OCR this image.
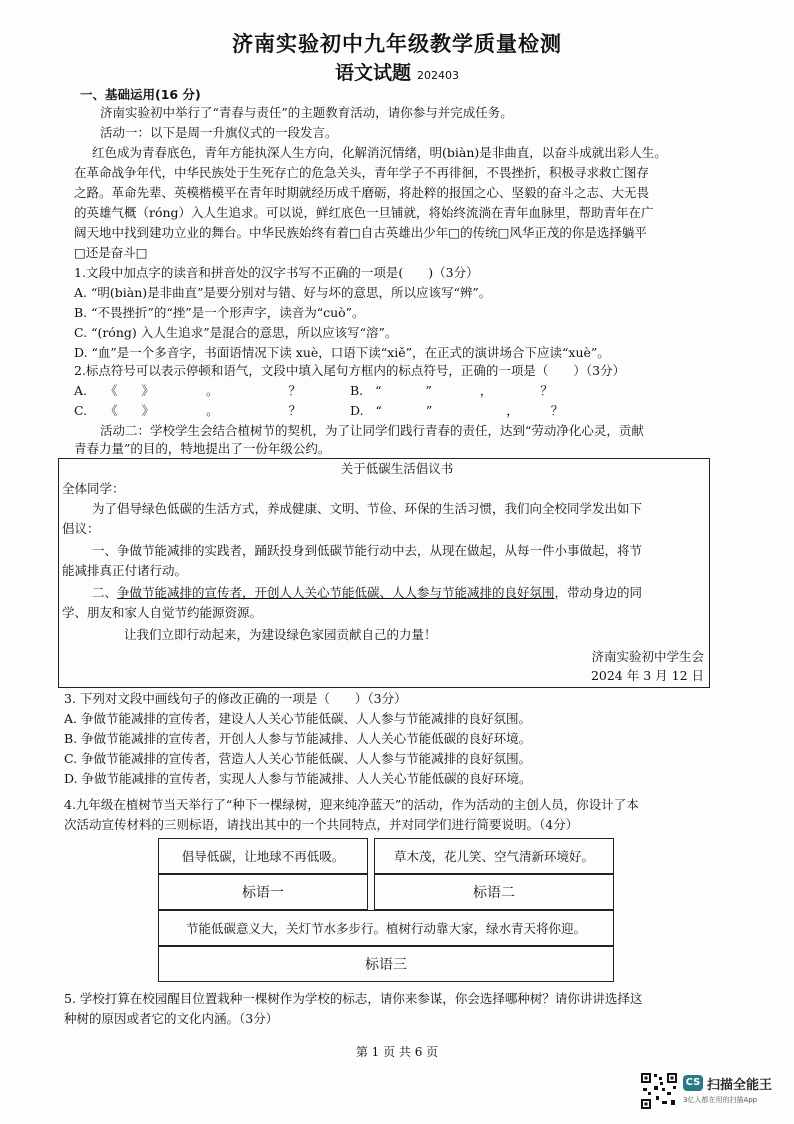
济南实验初中九年级教学质量检测
语文试题 202403
一、基础运用(16 分)
济南实验初中举行了“青春与责任”的主题教育活动，请你参与并完成任务。
活动一：以下是周一升旗仪式的一段发言。
红色成为青春底色，青年方能执深人生方向，化解消沉情绪，明(biàn)是非曲直，以奋斗成就出彩人生。
在革命战争年代，中华民族处于生死存亡的危急关头，青年学子不再徘徊，不畏挫折，积极寻求救亡图存
之路。革命先辈、英模楷模平在青年时期就经历成千磨砺，将赴粹的报国之心、坚毅的奋斗之志、大无畏
的英雄气概（róng）入人生追求。可以说，鲜红底色一旦铺就，将始终流淌在青年血脉里，帮助青年在广
阔天地中找到建功立业的舞台。中华民族始终有着□自古英雄出少年□的传统□风华正茂的你是选择躺平
□还是奋斗□
1.文段中加点字的读音和拼音处的汉字书写不正确的一项是(　　)（3分）
A. “明(biàn)是非曲直”是要分别对与错、好与坏的意思，所以应该写“辨”。
B. “不畏挫折”的“挫”是一个形声字，读音为“cuò”。
C. “(róng) 入人生追求”是混合的意思，所以应该写“溶”。
D. “血”是一个多音字，书面语情况下读 xuè，口语下读“xiě”，在正式的演讲场合下应读“xuè”。
2.标点符号可以表示停顿和语气，文段中填入尾句方框内的标点符号，正确的一项是（　　）（3分）
A. 《 》	。	？	B. “	”	，	？
C. 《 》	。	？	D. “	”	，	？
活动二：学校学生会结合植树节的契机，为了让同学们践行青春的责任，达到“劳动净化心灵，贡献
青春力量”的目的，特地提出了一份年级公约。
关于低碳生活倡议书
全体同学：
为了倡导绿色低碳的生活方式，养成健康、文明、节俭、环保的生活习惯，我们向全校同学发出如下
倡议：
一、争做节能减排的实践者，踊跃投身到低碳节能行动中去，从现在做起，从每一件小事做起，将节
能减排真正付诸行动。
二、争做节能减排的宣传者，开创人人关心节能低碳、人人参与节能减排的良好氛围，带动身边的同
学、朋友和家人自觉节约能源资源。
让我们立即行动起来，为建设绿色家园贡献自己的力量！
济南实验初中学生会
2024 年 3 月 12 日
3. 下列对文段中画线句子的修改正确的一项是（　　）（3分）
A. 争做节能减排的宣传者，建设人人关心节能低碳、人人参与节能减排的良好氛围。
B. 争做节能减排的宣传者，开创人人参与节能减排、人人关心节能低碳的良好环境。
C. 争做节能减排的宣传者，营造人人关心节能低碳、人人参与节能减排的良好氛围。
D. 争做节能减排的宣传者，实现人人参与节能减排、人人关心节能低碳的良好环境。
4.九年级在植树节当天举行了“种下一棵绿树，迎来纯净蓝天”的活动，作为活动的主创人员，你设计了本
次活动宣传材料的三则标语，请找出其中的一个共同特点，并对同学们进行简要说明。（4分）
倡导低碳，让地球不再低吸。	草木茂，花儿笑、空气清新环境好。
标语一	标语二
节能低碳意义大，关灯节水多步行。植树行动靠大家，绿水青天将你迎。
标语三
5. 学校打算在校园醒目位置栽种一棵树作为学校的标志，请你来参谋，你会选择哪种树？请你讲讲选择这
种树的原因或者它的文化内涵。（3分）
第 1 页 共 6 页
CS 扫描全能王
3亿人都在用的扫描App
